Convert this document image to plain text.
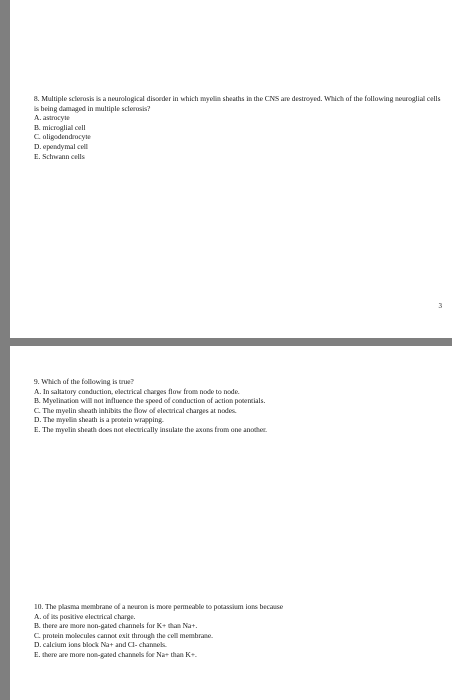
8. Multiple sclerosis is a neurological disorder in which myelin sheaths in the CNS are destroyed. Which of the following neuroglial cells is being damaged in multiple sclerosis?

A. astrocyte
B. microglial cell
C. oligodendrocyte
D. ependymal cell
E. Schwann cells
3

9. Which of the following is true?

A. In saltatory conduction, electrical charges flow from node to node.
B. Myelination will not influence the speed of conduction of action potentials.
C. The myelin sheath inhibits the flow of electrical charges at nodes.
D. The myelin sheath is a protein wrapping.
E. The myelin sheath does not electrically insulate the axons from one another.

10. The plasma membrane of a neuron is more permeable to potassium ions because

A. of its positive electrical charge.
B. there are more non-gated channels for K+ than Na+.
C. protein molecules cannot exit through the cell membrane.
D. calcium ions block Na+ and Cl- channels.
E. there are more non-gated channels for Na+ than K+.
